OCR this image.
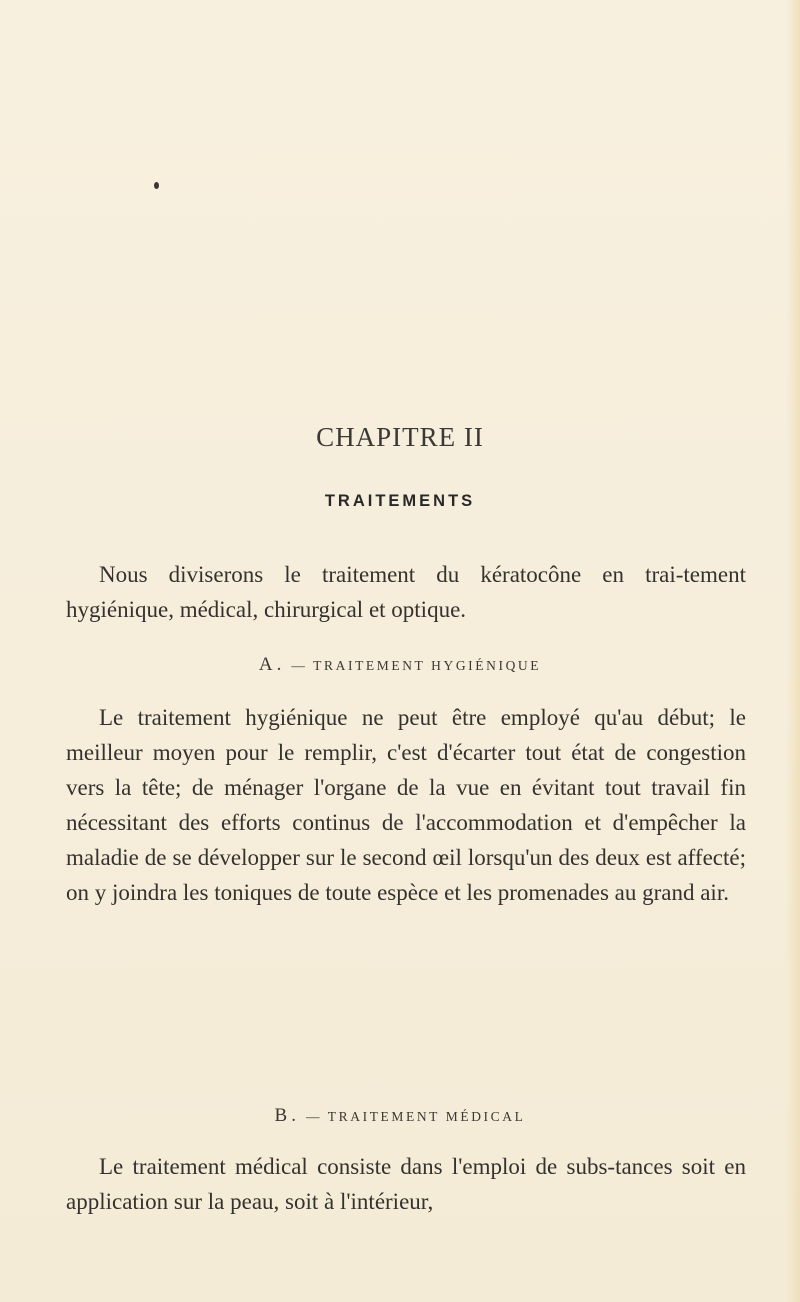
CHAPITRE II
TRAITEMENTS
Nous diviserons le traitement du kératocône en trai-tement hygiénique, médical, chirurgical et optique.
A. — TRAITEMENT HYGIÉNIQUE
Le traitement hygiénique ne peut être employé qu'au début; le meilleur moyen pour le remplir, c'est d'écarter tout état de congestion vers la tête; de ménager l'organe de la vue en évitant tout travail fin nécessitant des efforts continus de l'accommodation et d'empêcher la maladie de se développer sur le second œil lorsqu'un des deux est affecté; on y joindra les toniques de toute espèce et les promenades au grand air.
B. — TRAITEMENT MÉDICAL
Le traitement médical consiste dans l'emploi de subs-tances soit en application sur la peau, soit à l'intérieur,
